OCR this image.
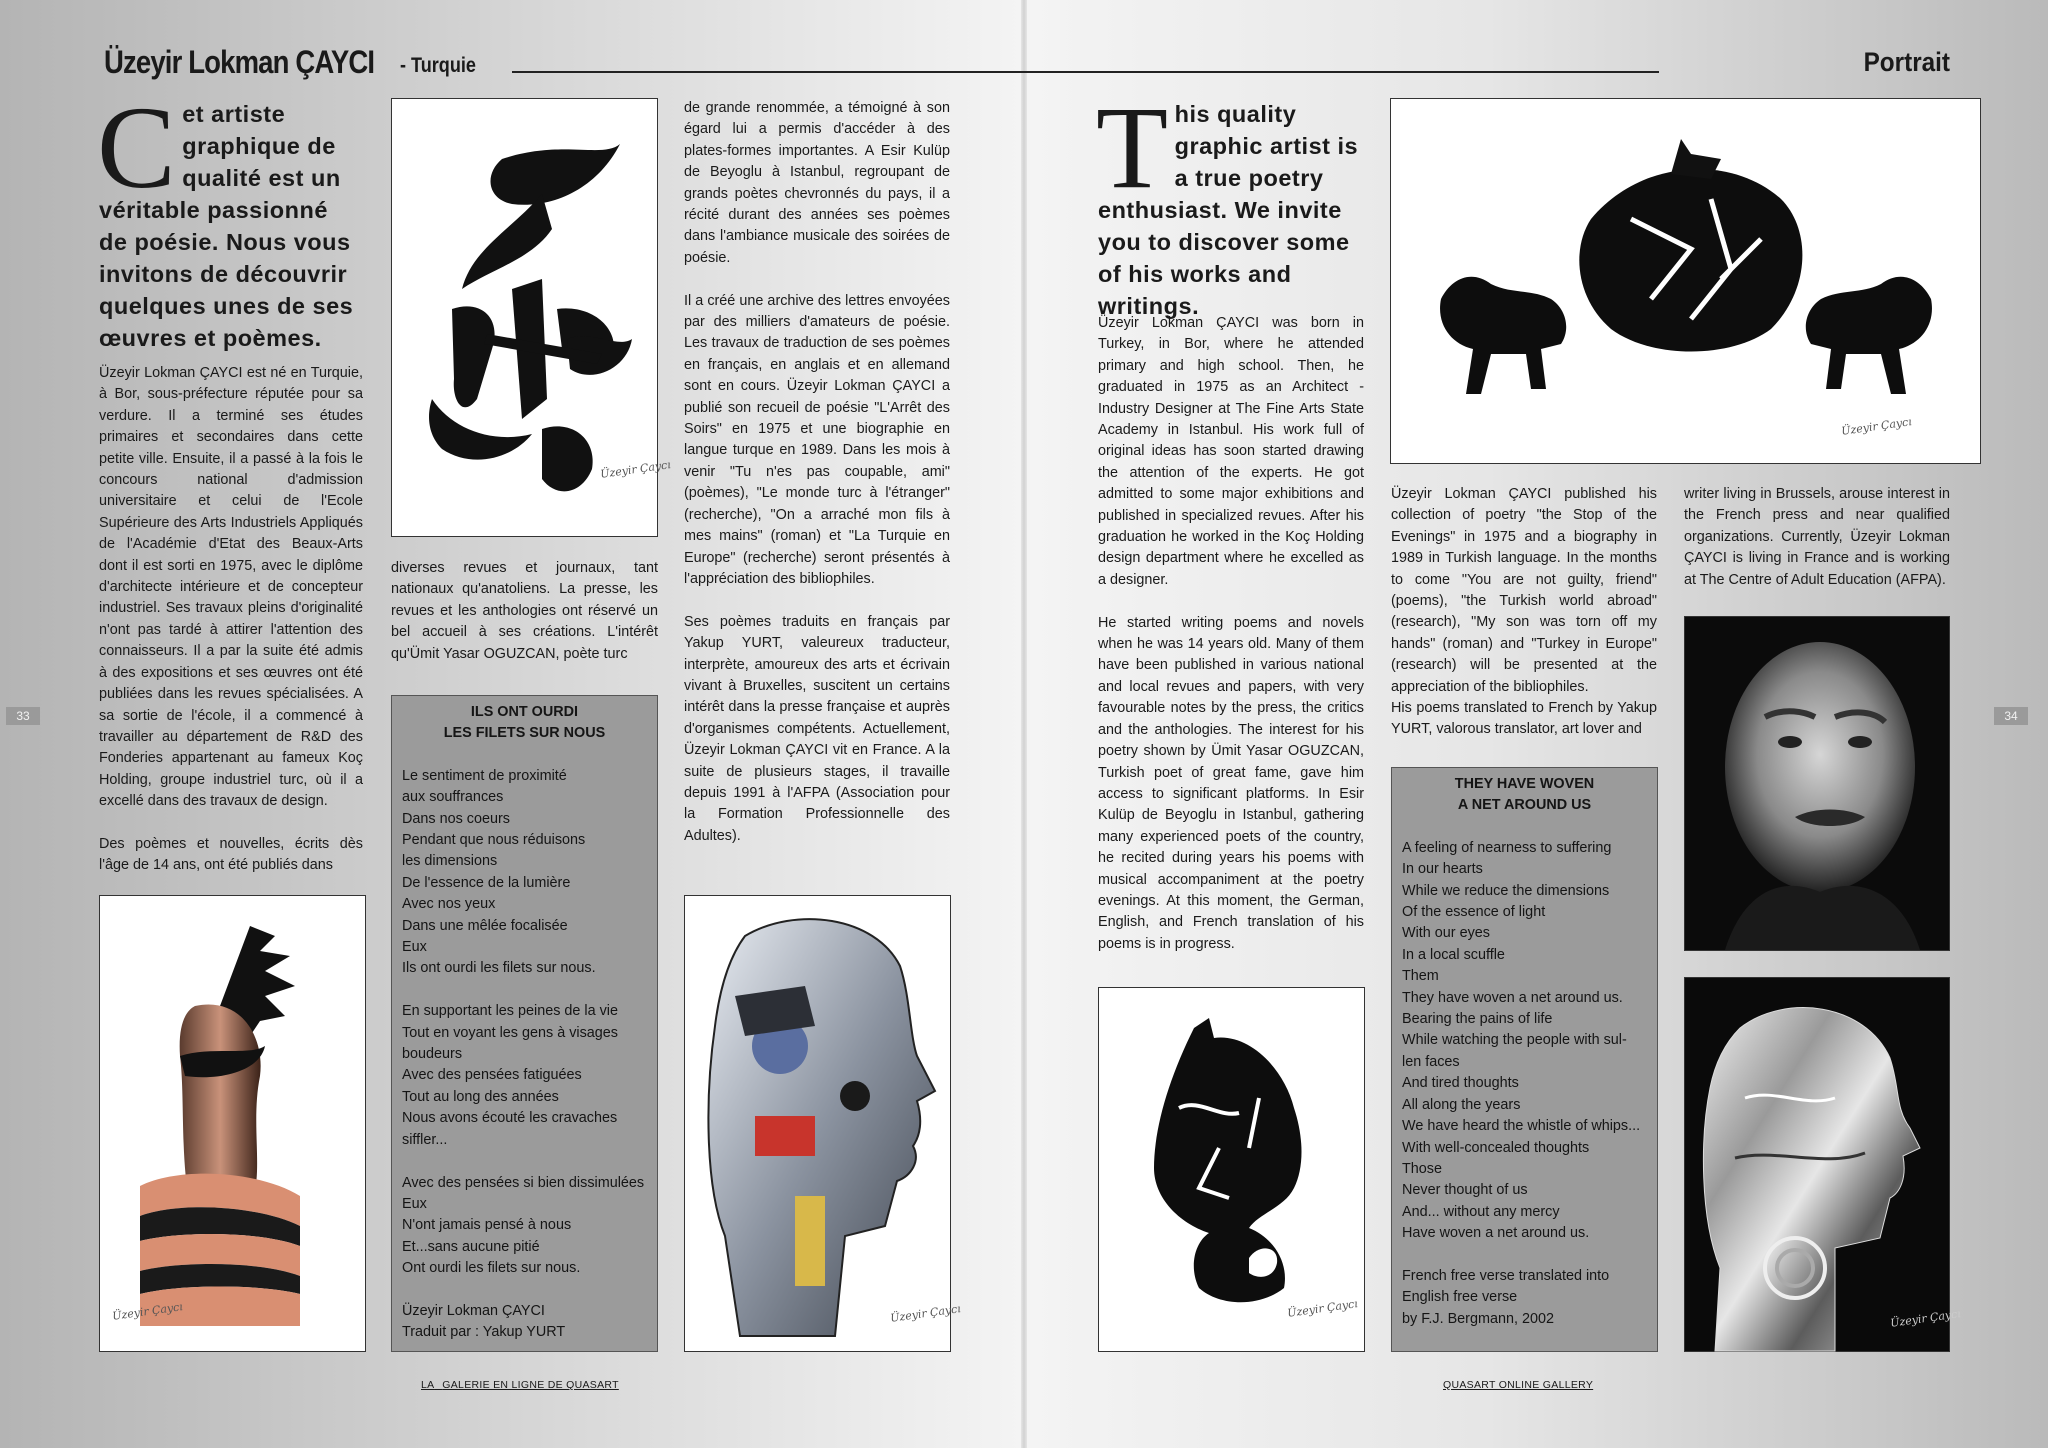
Üzeyir Lokman ÇAYCI - Turquie	Portrait
Cet artiste graphique de qualité est un véritable passionné de poésie. Nous vous invitons de découvrir quelques unes de ses œuvres et poèmes.

Üzeyir Lokman ÇAYCI est né en Turquie, à Bor, sous-préfecture réputée pour sa verdure. Il a terminé ses études primaires et secondaires dans cette petite ville. Ensuite, il a passé à la fois le concours national d'admission universitaire et celui de l'Ecole Supérieure des Arts Industriels Appliqués de l'Académie d'Etat des Beaux-Arts dont il est sorti en 1975, avec le diplôme d'architecte intérieure et de concepteur industriel. Ses travaux pleins d'originalité n'ont pas tardé à attirer l'attention des connaisseurs. Il a par la suite été admis à des expositions et ses œuvres ont été publiées dans les revues spécialisées. A sa sortie de l'école, il a commencé à travailler au département de R&D des Fonderies appartenant au fameux Koç Holding, groupe industriel turc, où il a excellé dans des travaux de design.

Des poèmes et nouvelles, écrits dès l'âge de 14 ans, ont été publiés dans

Üzeyir Çaycı

diverses revues et journaux, tant nationaux qu'anatoliens. La presse, les revues et les anthologies ont réservé un bel accueil à ses créations. L'intérêt qu'Ümit Yasar OGUZCAN, poète turc

ILS ONT OURDI
LES FILETS SUR NOUS
Le sentiment de proximité
aux souffrances
Dans nos coeurs
Pendant que nous réduisons
les dimensions
De l'essence de la lumière
Avec nos yeux
Dans une mêlée focalisée
Eux
Ils ont ourdi les filets sur nous.
En supportant les peines de la vie
Tout en voyant les gens à visages
boudeurs
Avec des pensées fatiguées
Tout au long des années
Nous avons écouté les cravaches
siffler...
Avec des pensées si bien dissimulées
Eux
N'ont jamais pensé à nous
Et...sans aucune pitié
Ont ourdi les filets sur nous.
Üzeyir Lokman ÇAYCI
Traduit par : Yakup YURT

de grande renommée, a témoigné à son égard lui a permis d'accéder à des plates-formes importantes. A Esir Kulüp de Beyoglu à Istanbul, regroupant de grands poètes chevronnés du pays, il a récité durant des années ses poèmes dans l'ambiance musicale des soirées de poésie.

Il a créé une archive des lettres envoyées par des milliers d'amateurs de poésie. Les travaux de traduction de ses poèmes en français, en anglais et en allemand sont en cours. Üzeyir Lokman ÇAYCI a publié son recueil de poésie "L'Arrêt des Soirs" en 1975 et une biographie en langue turque en 1989. Dans les mois à venir "Tu n'es pas coupable, ami" (poèmes), "Le monde turc à l'étranger" (recherche), "On a arraché mon fils à mes mains" (roman) et "La Turquie en Europe" (recherche) seront présentés à l'appréciation des bibliophiles.

Ses poèmes traduits en français par Yakup YURT, valeureux traducteur, interprète, amoureux des arts et écrivain vivant à Bruxelles, suscitent un certains intérêt dans la presse française et auprès d'organismes compétents. Actuellement, Üzeyir Lokman ÇAYCI vit en France. A la suite de plusieurs stages, il travaille depuis 1991 à l'AFPA (Association pour la Formation Professionnelle des Adultes).

Üzeyir Çaycı	Üzeyir Çaycı
33
LA GALERIE EN LIGNE DE QUASART
This quality graphic artist is a true poetry enthusiast. We invite you to discover some of his works and writings.

Üzeyir Lokman ÇAYCI was born in Turkey, in Bor, where he attended primary and high school. Then, he graduated in 1975 as an Architect - Industry Designer at The Fine Arts State Academy in Istanbul. His work full of original ideas has soon started drawing the attention of the experts. He got admitted to some major exhibitions and published in specialized revues. After his graduation he worked in the Koç Holding design department where he excelled as a designer.

He started writing poems and novels when he was 14 years old. Many of them have been published in various national and local revues and papers, with very favourable notes by the press, the critics and the anthologies. The interest for his poetry shown by Ümit Yasar OGUZCAN, Turkish poet of great fame, gave him access to significant platforms. In Esir Kulüp de Beyoglu in Istanbul, gathering many experienced poets of the country, he recited during years his poems with musical accompaniment at the poetry evenings. At this moment, the German, English, and French translation of his poems is in progress.

Üzeyir Çaycı

Üzeyir Lokman ÇAYCI published his collection of poetry "the Stop of the Evenings" in 1975 and a biography in 1989 in Turkish language. In the months to come "You are not guilty, friend" (poems), "the Turkish world abroad" (research), "My son was torn off my hands" (roman) and "Turkey in Europe" (research) will be presented at the appreciation of the bibliophiles.

His poems translated to French by Yakup YURT, valorous translator, art lover and

THEY HAVE WOVEN
A NET AROUND US
A feeling of nearness to suffering
In our hearts
While we reduce the dimensions
Of the essence of light
With our eyes
In a local scuffle
Them
They have woven a net around us.
Bearing the pains of life
While watching the people with sul-
len faces
And tired thoughts
All along the years
We have heard the whistle of whips...
With well-concealed thoughts
Those
Never thought of us
And... without any mercy
Have woven a net around us.
French free verse translated into
English free verse
by F.J. Bergmann, 2002

writer living in Brussels, arouse interest in the French press and near qualified organizations. Currently, Üzeyir Lokman ÇAYCI is living in France and is working at The Centre of Adult Education (AFPA).

Üzeyir Çaycı
Üzeyir Çaycı
34
QUASART ONLINE GALLERY
